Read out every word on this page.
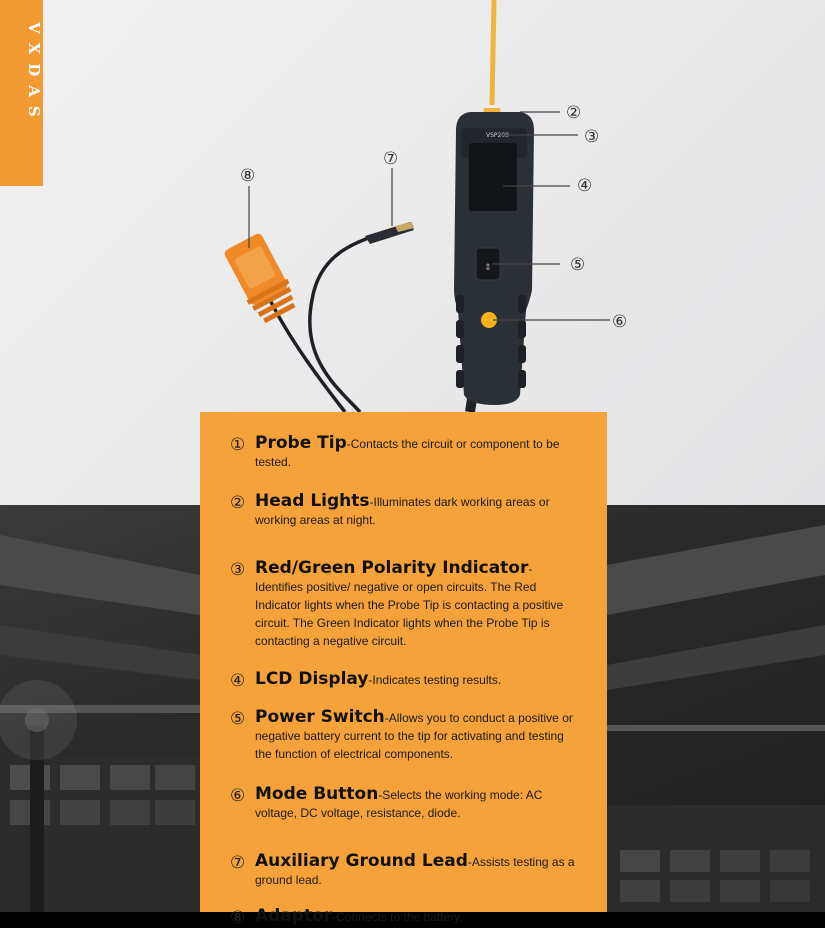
VXDAS
VSP200
⇕
②
③
④
⑤
⑥
⑦
⑧
① Probe Tip-Contacts the circuit or component to be tested.
② Head Lights-Illuminates dark working areas or working areas at night.
③ Red/Green Polarity Indicator-Identifies positive/ negative or open circuits. The Red Indicator lights when the Probe Tip is contacting a positive circuit. The Green Indicator lights when the Probe Tip is contacting a negative circuit.
④ LCD Display-Indicates testing results.
⑤ Power Switch-Allows you to conduct a positive or negative battery current to the tip for activating and testing the function of electrical components.
⑥ Mode Button-Selects the working mode: AC voltage, DC voltage, resistance, diode.
⑦ Auxiliary Ground Lead-Assists testing as a ground lead.
⑧ Adaptor-Connects to the battery.
